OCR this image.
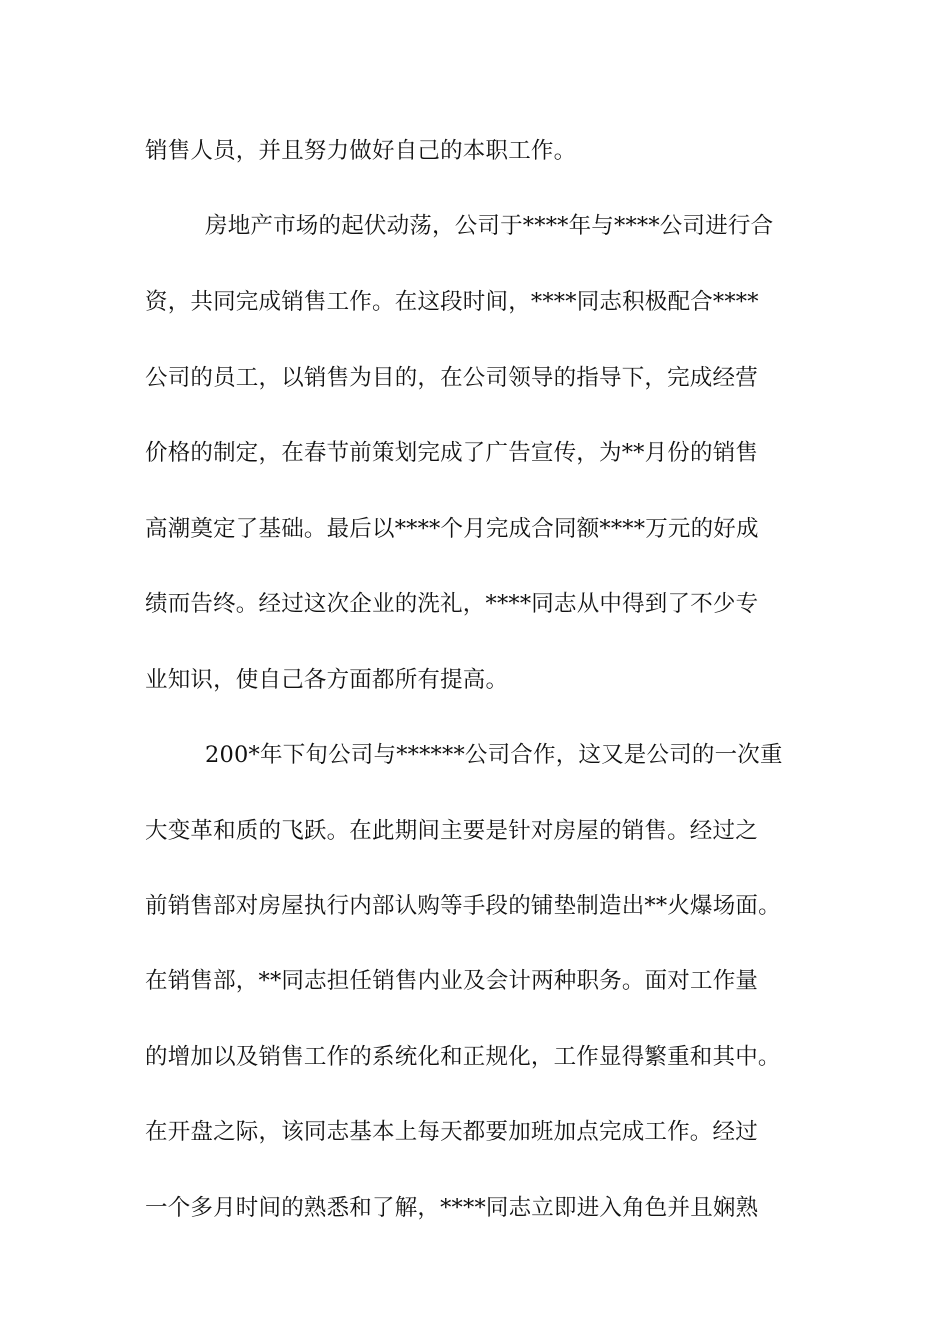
销售人员，并且努力做好自己的本职工作。
房地产市场的起伏动荡，公司于****年与****公司进行合
资，共同完成销售工作。在这段时间，****同志积极配合****
公司的员工，以销售为目的，在公司领导的指导下，完成经营
价格的制定，在春节前策划完成了广告宣传，为**月份的销售
高潮奠定了基础。最后以****个月完成合同额****万元的好成
绩而告终。经过这次企业的洗礼，****同志从中得到了不少专
业知识，使自己各方面都所有提高。
200*年下旬公司与******公司合作，这又是公司的一次重
大变革和质的飞跃。在此期间主要是针对房屋的销售。经过之
前销售部对房屋执行内部认购等手段的铺垫制造出**火爆场面。
在销售部，**同志担任销售内业及会计两种职务。面对工作量
的增加以及销售工作的系统化和正规化，工作显得繁重和其中。
在开盘之际，该同志基本上每天都要加班加点完成工作。经过
一个多月时间的熟悉和了解，****同志立即进入角色并且娴熟
